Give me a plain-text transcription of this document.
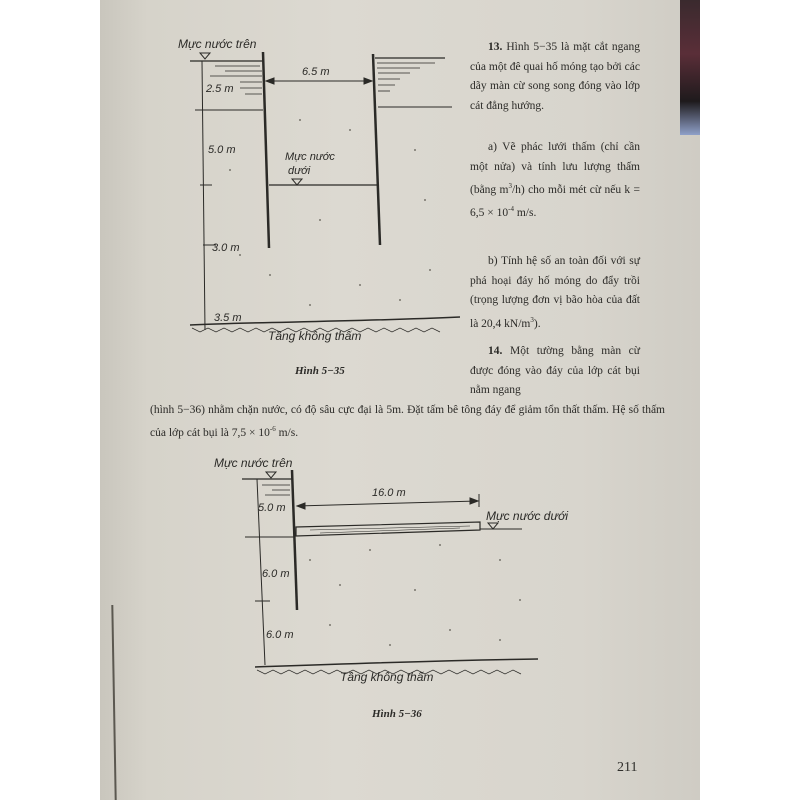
Mực nước trên
6.5 m
2.5 m
5.0 m
Mực nước
dưới
3.0 m
3.5 m
Tầng không thấm
Hình 5−35

13. Hình 5−35 là mặt cắt ngang của một đê quai hố móng tạo bởi các dãy màn cừ song song đóng vào lớp cát đẳng hướng.

a) Vẽ phác lưới thấm (chỉ cần một nửa) và tính lưu lượng thấm (bằng $m^3/h$) cho mỗi mét cừ nếu $k = 6,5 \times 10^{-4}$ m/s.

b) Tính hệ số an toàn đối với sự phá hoại đáy hố móng do đẩy trồi (trọng lượng đơn vị bão hòa của đất là 20,4 $kN/m^3$).

14. Một tường bằng màn cừ được đóng vào đáy của lớp cát bụi nằm ngang

(hình 5−36) nhằm chặn nước, có độ sâu cực đại là 5m. Đặt tấm bê tông đáy để giảm tổn thất thấm. Hệ số thấm của lớp cát bụi là $7,5 \times 10^{-6}$ m/s.
Mực nước trên
16.0 m
Mực nước dưới
5.0 m
6.0 m
6.0 m
Tầng không thấm
Hình 5−36
211
